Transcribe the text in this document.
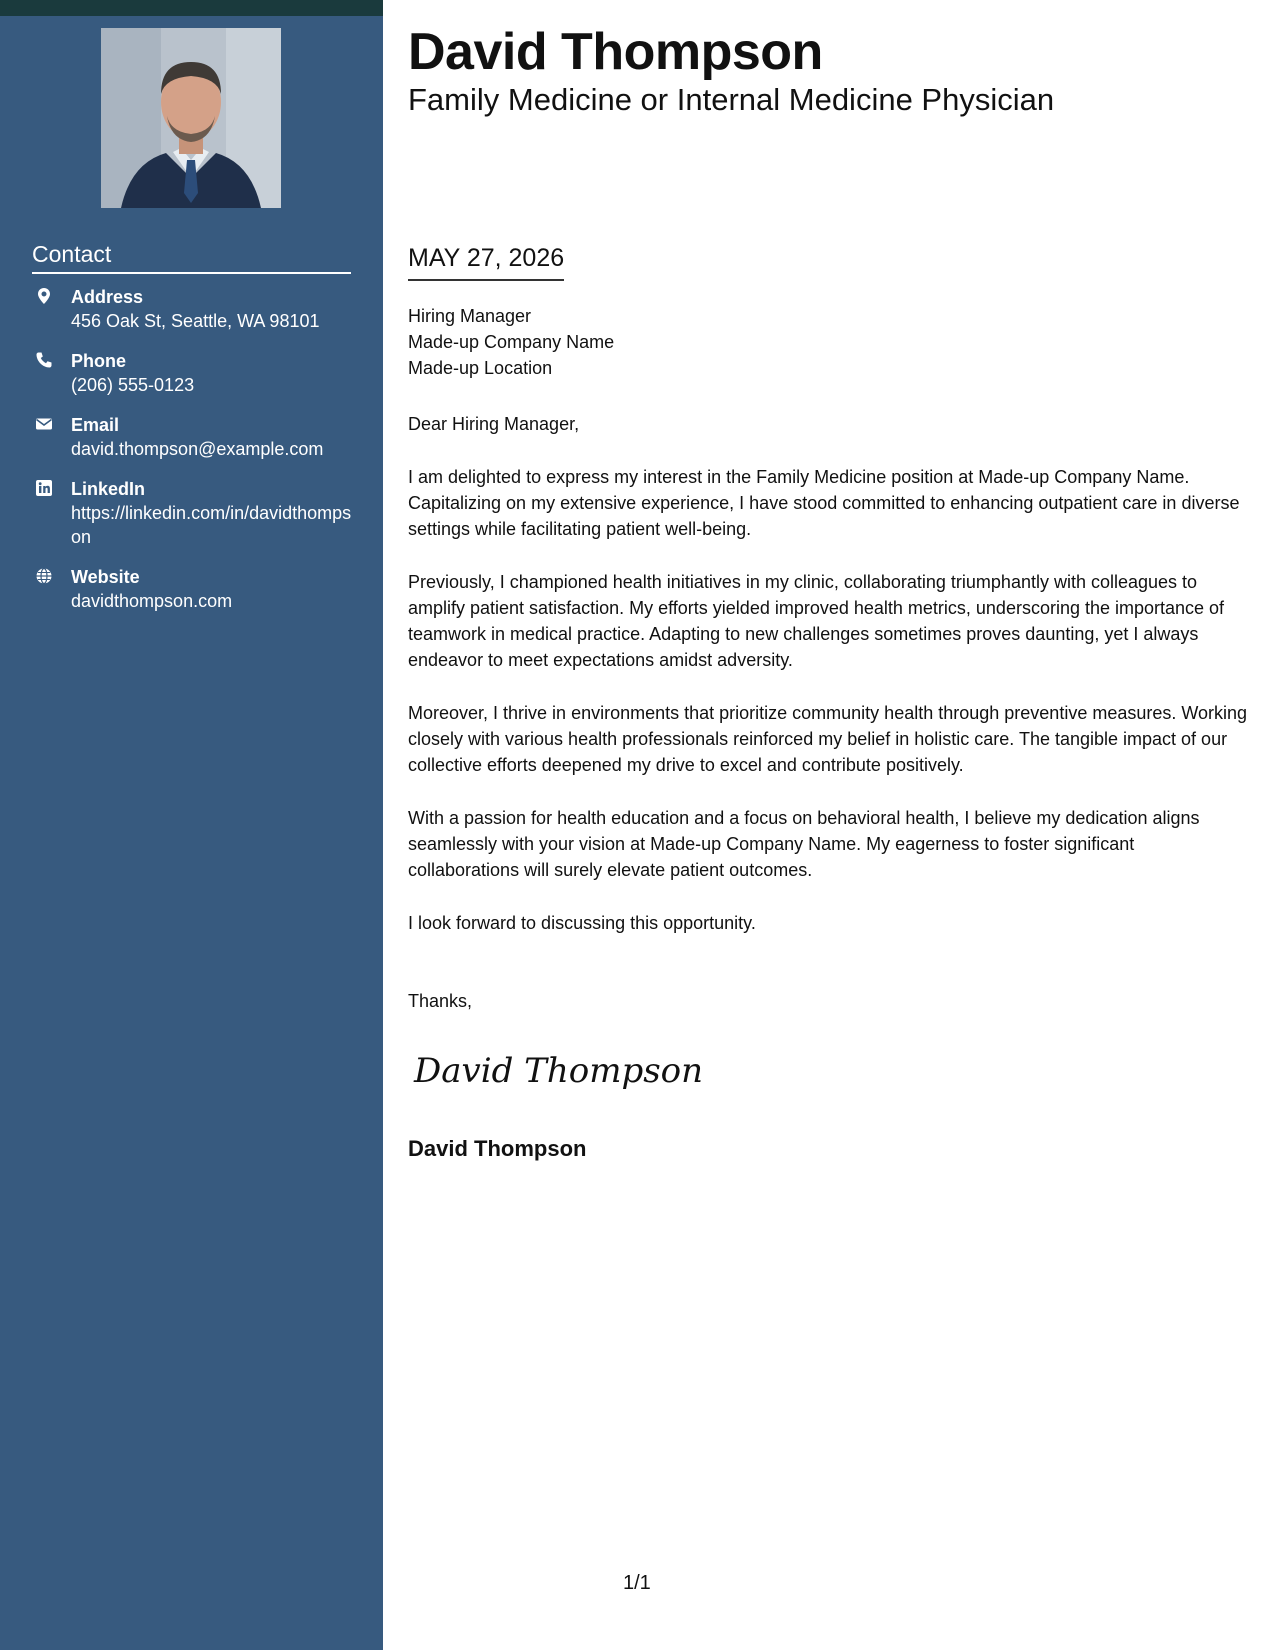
Contact
Address
456 Oak St, Seattle, WA 98101
Phone
(206) 555-0123
Email
david.thompson@example.com
LinkedIn
https://linkedin.com/in/davidthompson
Website
davidthompson.com
David Thompson
Family Medicine or Internal Medicine Physician
MAY 27, 2026
Hiring Manager
Made-up Company Name
Made-up Location

Dear Hiring Manager,

I am delighted to express my interest in the Family Medicine position at Made-up Company Name. Capitalizing on my extensive experience, I have stood committed to enhancing outpatient care in diverse settings while facilitating patient well-being.

Previously, I championed health initiatives in my clinic, collaborating triumphantly with colleagues to amplify patient satisfaction. My efforts yielded improved health metrics, underscoring the importance of teamwork in medical practice. Adapting to new challenges sometimes proves daunting, yet I always endeavor to meet expectations amidst adversity.

Moreover, I thrive in environments that prioritize community health through preventive measures. Working closely with various health professionals reinforced my belief in holistic care. The tangible impact of our collective efforts deepened my drive to excel and contribute positively.

With a passion for health education and a focus on behavioral health, I believe my dedication aligns seamlessly with your vision at Made-up Company Name. My eagerness to foster significant collaborations will surely elevate patient outcomes.

I look forward to discussing this opportunity.

Thanks,
David Thompson
David Thompson
1/1
